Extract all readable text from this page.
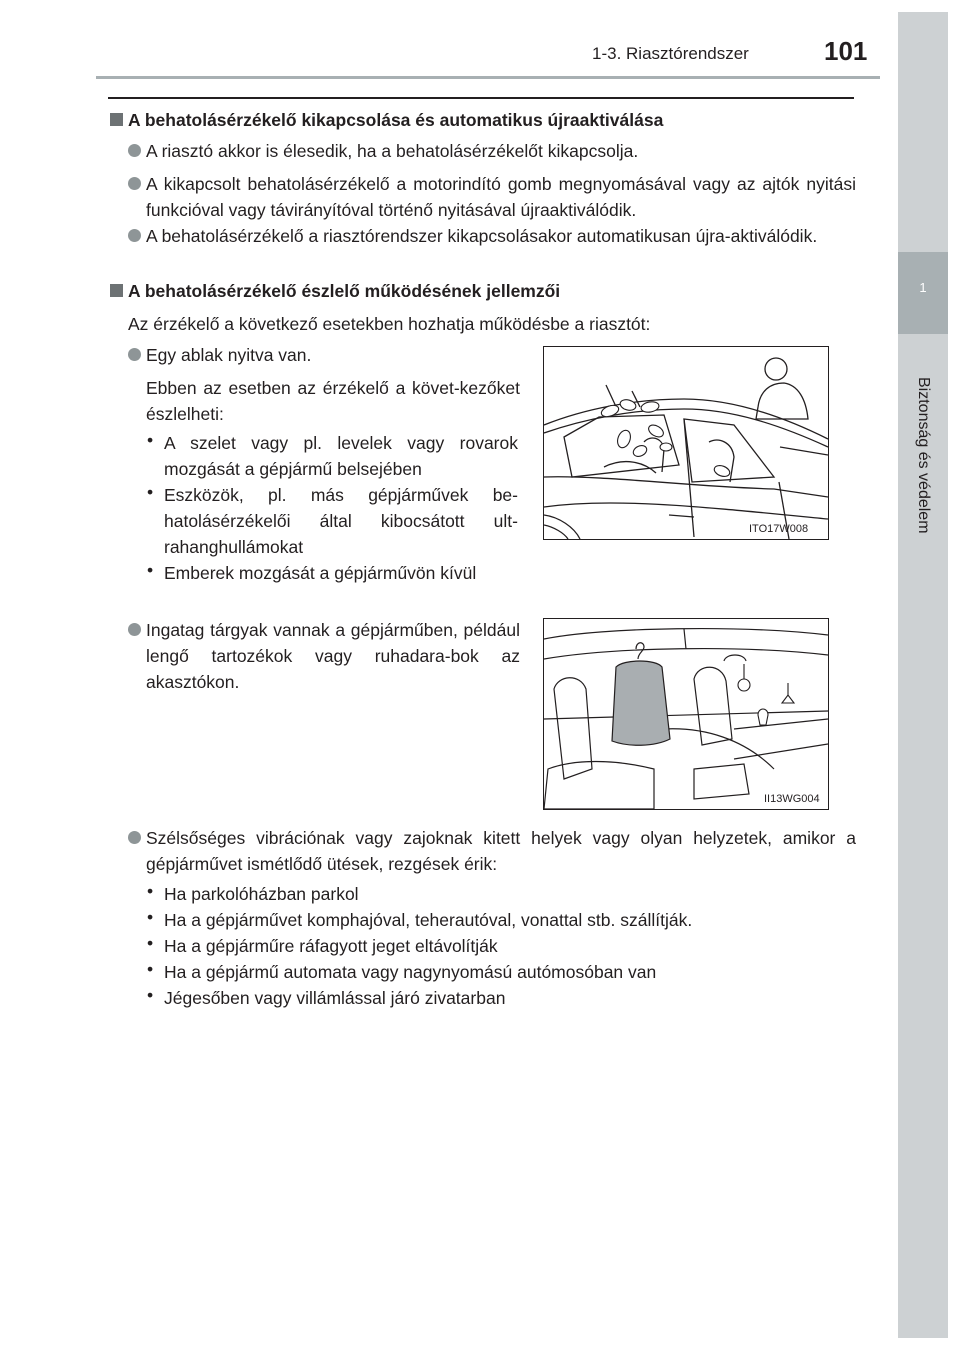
1-3. Riasztórendszer	101
1
Biztonság és védelem
A behatolásérzékelő kikapcsolása és automatikus újraaktiválása
A riasztó akkor is élesedik, ha a behatolásérzékelőt kikapcsolja.
A kikapcsolt behatolásérzékelő a motorindító gomb megnyomásával vagy az ajtók nyitási funkcióval vagy távirányítóval történő nyitásával újraaktiválódik.
A behatolásérzékelő a riasztórendszer kikapcsolásakor automatikusan újra-aktiválódik.
A behatolásérzékelő észlelő működésének jellemzői
Az érzékelő a következő esetekben hozhatja működésbe a riasztót:
Egy ablak nyitva van.
Ebben az esetben az érzékelő a követ-kezőket észlelheti:
• A szelet vagy pl. levelek vagy rovarok mozgását a gépjármű belsejében
• Eszközök, pl. más gépjárművek be-hatolásérzékelői által kibocsátott ult-rahanghullámokat
• Emberek mozgását a gépjárművön kívül
ITO17W008
Ingatag tárgyak vannak a gépjárműben, például lengő tartozékok vagy ruhadara-bok az akasztókon.
II13WG004
Szélsőséges vibrációnak vagy zajoknak kitett helyek vagy olyan helyzetek, amikor a gépjárművet ismétlődő ütések, rezgések érik:
• Ha parkolóházban parkol
• Ha a gépjárművet komphajóval, teherautóval, vonattal stb. szállítják.
• Ha a gépjárműre ráfagyott jeget eltávolítják
• Ha a gépjármű automata vagy nagynyomású autómosóban van
• Jégesőben vagy villámlással járó zivatarban
